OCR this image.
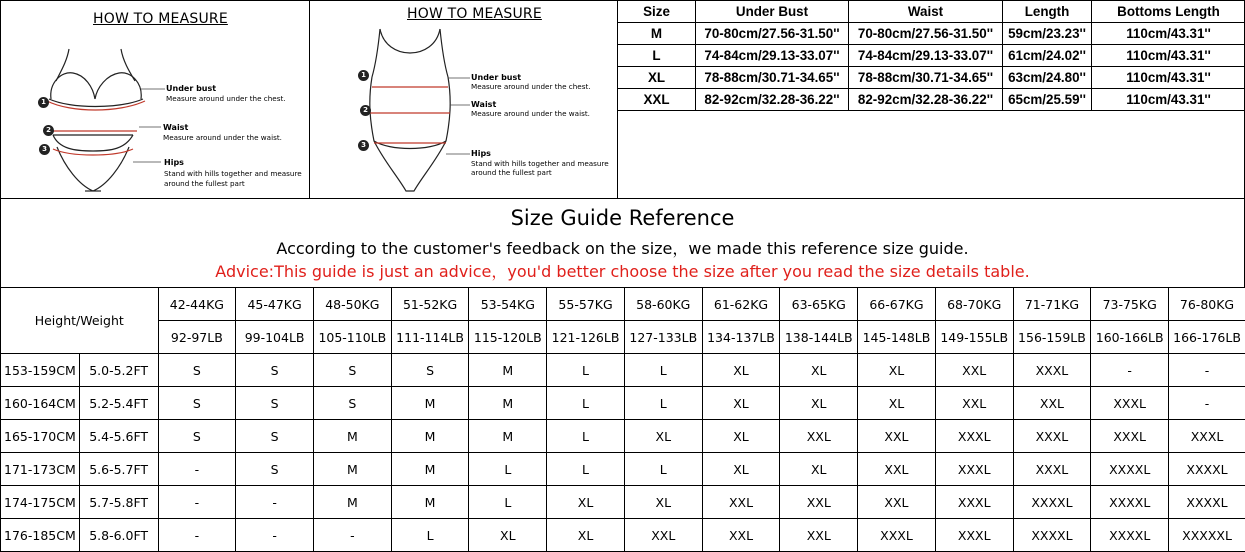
HOW TO MEASURE
1
2
3
Under bust
Measure around under the chest.
Waist
Measure around under the waist.
Hips
Stand with hills together and measure
around the fullest part
HOW TO MEASURE
1
2
3
Under bust
Measure around under the chest.
Waist
Measure around under the waist.
Hips
Stand with hills together and measure
around the fullest part
Size	Under Bust	Waist	Length	Bottoms Length
M	70-80cm/27.56-31.50''	70-80cm/27.56-31.50''	59cm/23.23''	110cm/43.31''
L	74-84cm/29.13-33.07''	74-84cm/29.13-33.07''	61cm/24.02''	110cm/43.31''
XL	78-88cm/30.71-34.65''	78-88cm/30.71-34.65''	63cm/24.80''	110cm/43.31''
XXL	82-92cm/32.28-36.22''	82-92cm/32.28-36.22''	65cm/25.59''	110cm/43.31''
Size Guide Reference
According to the customer's feedback on the size，we made this reference size guide.
Advice:This guide is just an advice，you'd better choose the size after you read the size details table.
Height/Weight		42-44KG	45-47KG	48-50KG	51-52KG	53-54KG	55-57KG	58-60KG	61-62KG	63-65KG	66-67KG	68-70KG	71-71KG	73-75KG	76-80KG
		92-97LB	99-104LB	105-110LB	111-114LB	115-120LB	121-126LB	127-133LB	134-137LB	138-144LB	145-148LB	149-155LB	156-159LB	160-166LB	166-176LB
153-159CM	5.0-5.2FT	S	S	S	S	M	L	L	XL	XL	XL	XXL	XXXL	-	-
160-164CM	5.2-5.4FT	S	S	S	M	M	L	L	XL	XL	XL	XXL	XXL	XXXL	-
165-170CM	5.4-5.6FT	S	S	M	M	M	L	XL	XL	XXL	XXL	XXXL	XXXL	XXXL	XXXL
171-173CM	5.6-5.7FT	-	S	M	M	L	L	L	XL	XL	XXL	XXXL	XXXL	XXXXL	XXXXL
174-175CM	5.7-5.8FT	-	-	M	M	L	XL	XL	XXL	XXL	XXL	XXXL	XXXXL	XXXXL	XXXXL
176-185CM	5.8-6.0FT	-	-	-	L	XL	XL	XXL	XXL	XXL	XXXL	XXXL	XXXXL	XXXXL	XXXXXL
